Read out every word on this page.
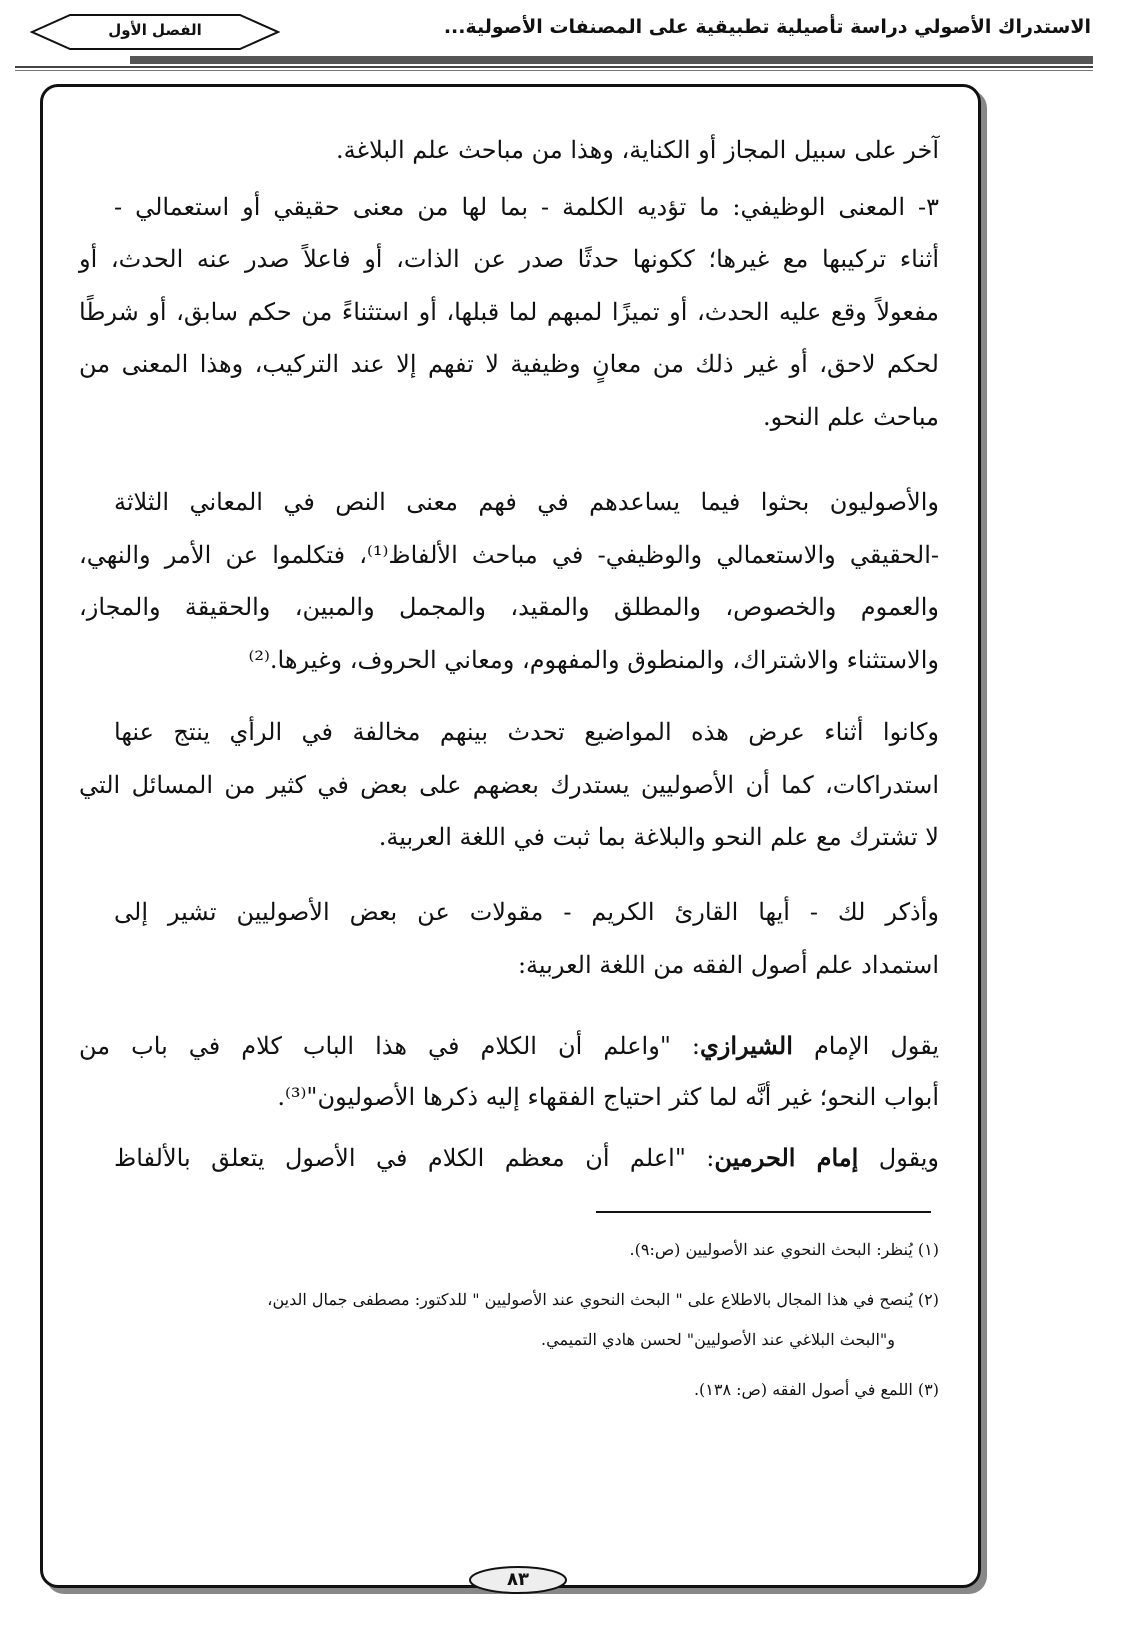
الاستدراك الأصولي دراسة تأصيلية تطبيقية على المصنفات الأصولية...
الفصل الأول
آخر على سبيل المجاز أو الكناية، وهذا من مباحث علم البلاغة.
٣- المعنى الوظيفي: ما تؤديه الكلمة - بما لها من معنى حقيقي أو استعمالي -
أثناء تركيبها مع غيرها؛ ككونها حدثًا صدر عن الذات، أو فاعلاً صدر عنه الحدث، أو
مفعولاً وقع عليه الحدث، أو تميزًا لمبهم لما قبلها، أو استثناءً من حكم سابق، أو شرطًا
لحكم لاحق، أو غير ذلك من معانٍ وظيفية لا تفهم إلا عند التركيب، وهذا المعنى من
مباحث علم النحو.
والأصوليون بحثوا فيما يساعدهم في فهم معنى النص في المعاني الثلاثة
-الحقيقي والاستعمالي والوظيفي- في مباحث الألفاظ⁽¹⁾، فتكلموا عن الأمر والنهي،
والعموم والخصوص، والمطلق والمقيد، والمجمل والمبين، والحقيقة والمجاز،
والاستثناء والاشتراك، والمنطوق والمفهوم، ومعاني الحروف، وغيرها.⁽²⁾
وكانوا أثناء عرض هذه المواضيع تحدث بينهم مخالفة في الرأي ينتج عنها
استدراكات، كما أن الأصوليين يستدرك بعضهم على بعض في كثير من المسائل التي
لا تشترك مع علم النحو والبلاغة بما ثبت في اللغة العربية.
وأذكر لك - أيها القارئ الكريم - مقولات عن بعض الأصوليين تشير إلى
استمداد علم أصول الفقه من اللغة العربية:
يقول الإمام الشيرازي: "واعلم أن الكلام في هذا الباب كلام في باب من
أبواب النحو؛ غير أنَّه لما كثر احتياج الفقهاء إليه ذكرها الأصوليون"⁽³⁾.
ويقول إمام الحرمين: "اعلم أن معظم الكلام في الأصول يتعلق بالألفاظ
(١) يُنظر: البحث النحوي عند الأصوليين (ص:٩).
(٢) يُنصح في هذا المجال بالاطلاع على " البحث النحوي عند الأصوليين " للدكتور: مصطفى جمال الدين،
و"البحث البلاغي عند الأصوليين" لحسن هادي التميمي.
(٣) اللمع في أصول الفقه (ص: ١٣٨).
٨٣
